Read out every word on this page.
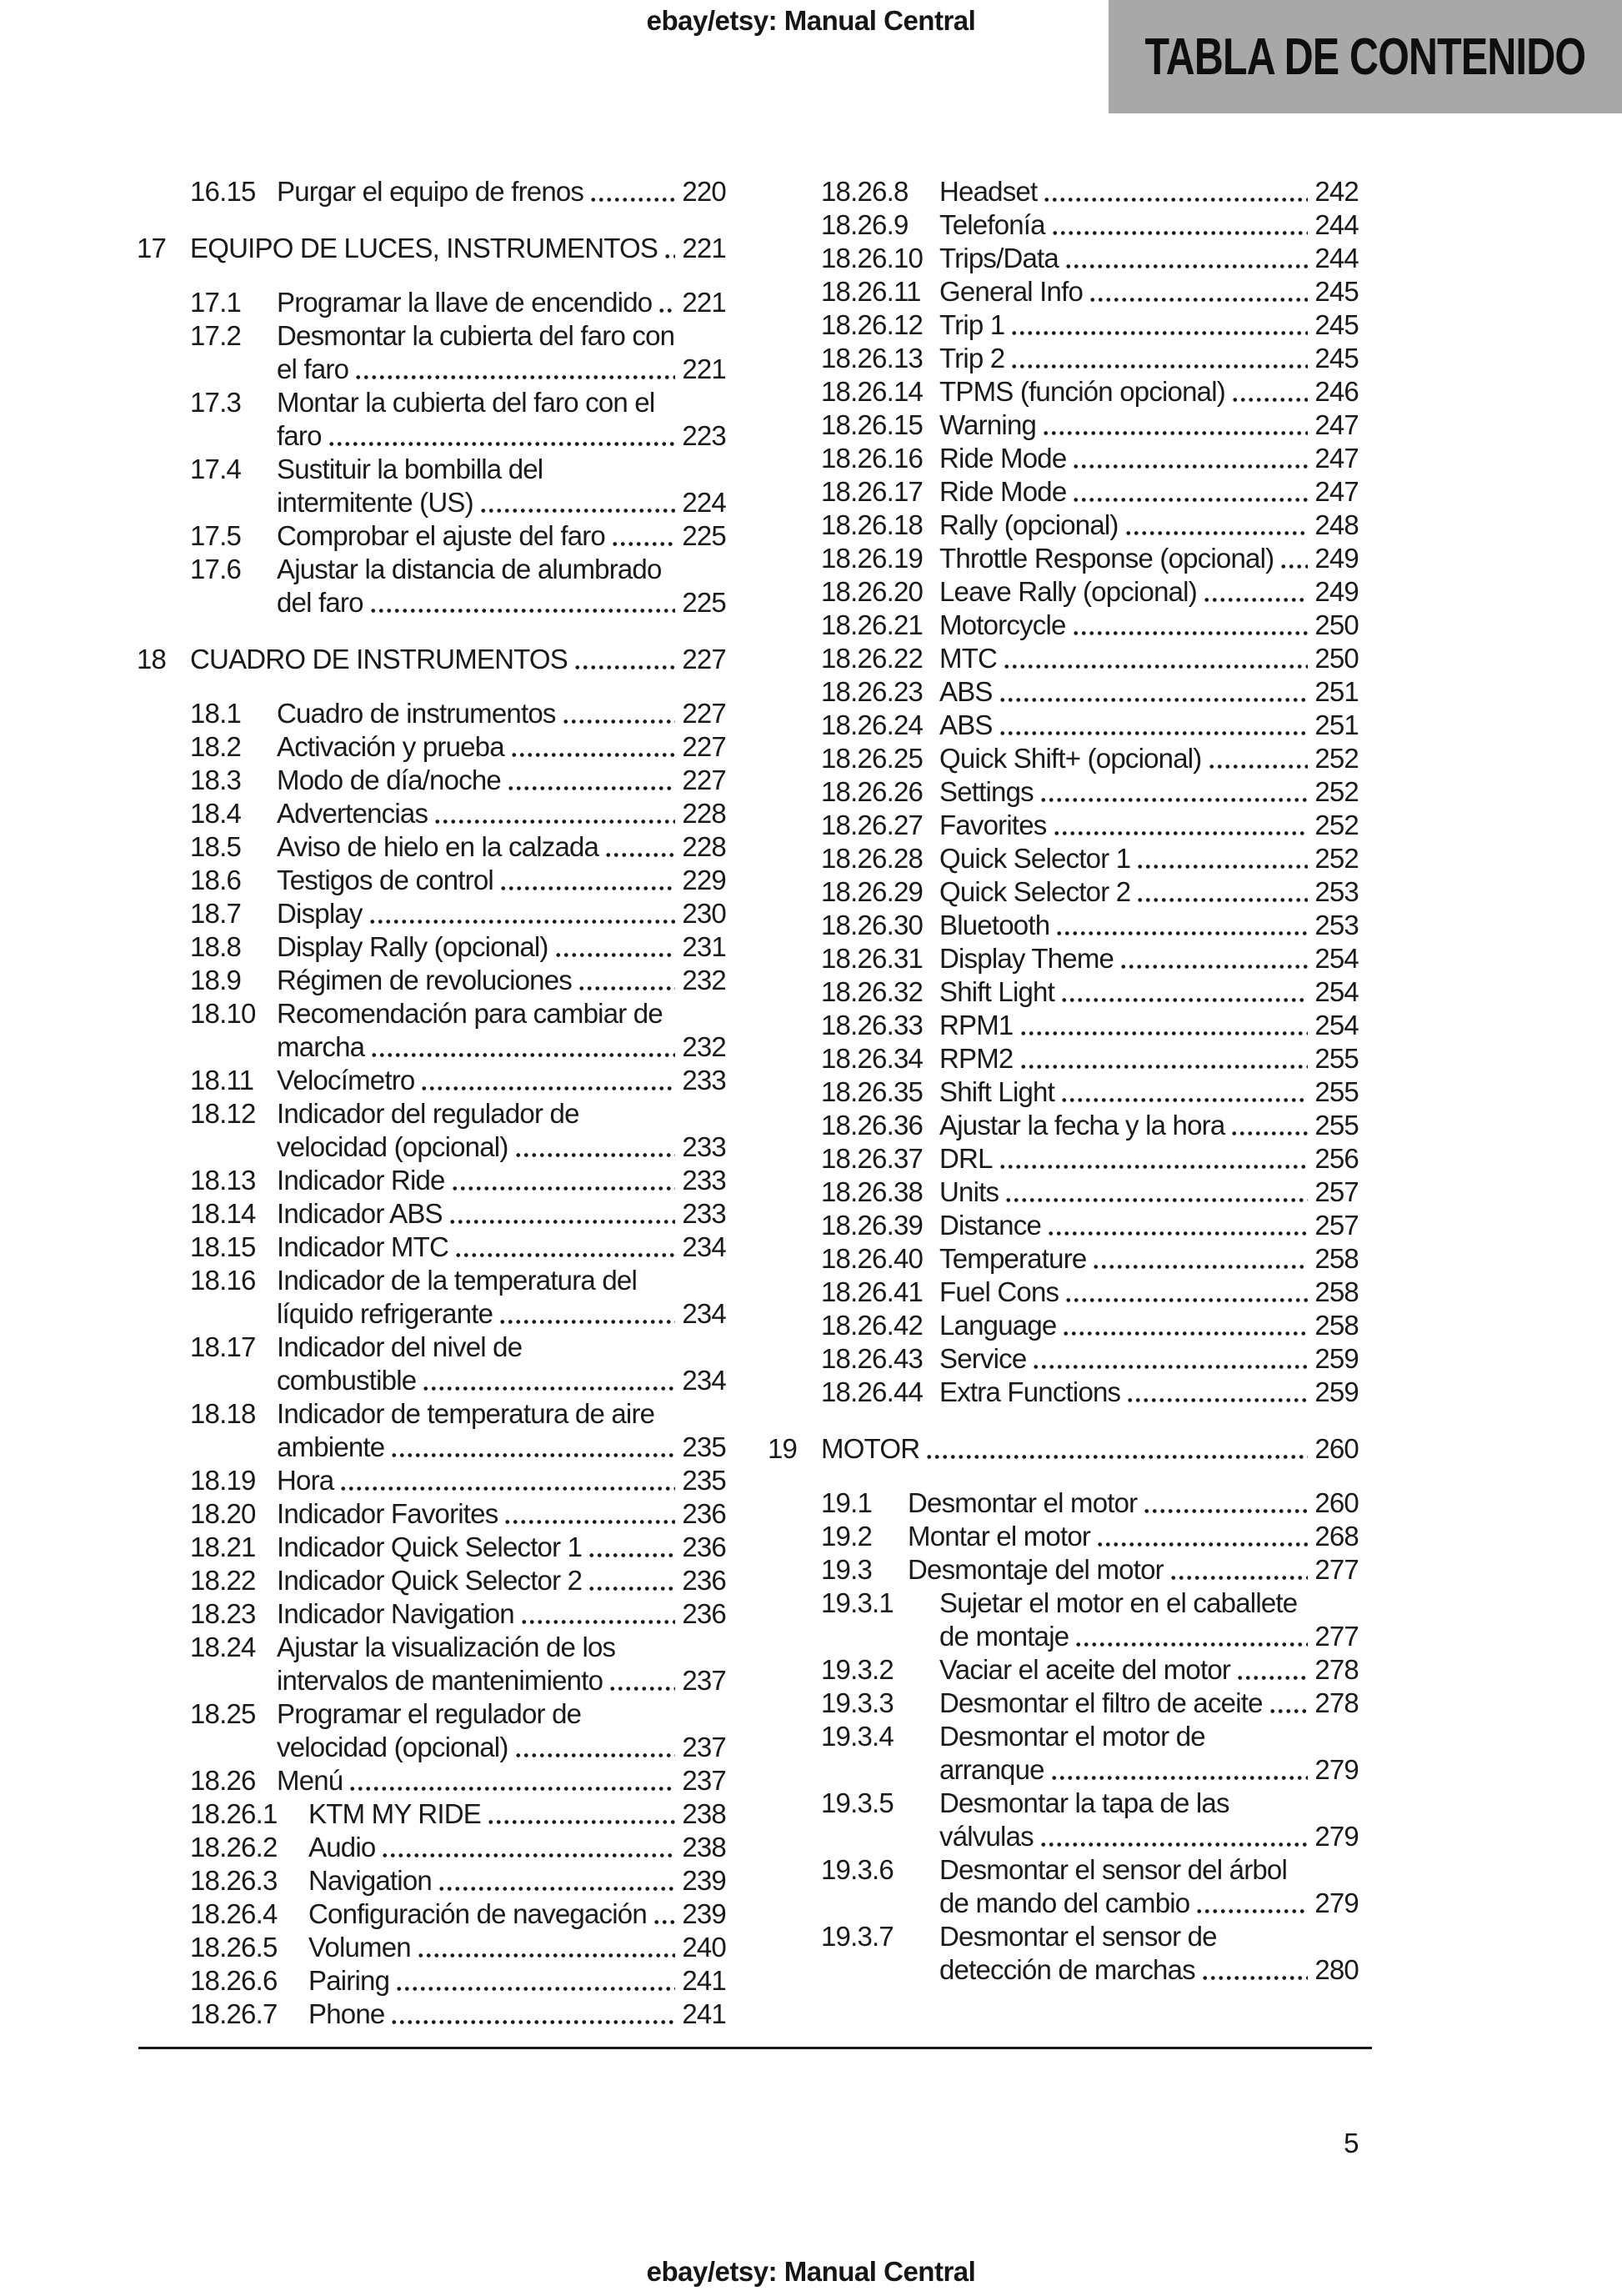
ebay/etsy: Manual Central
TABLA DE CONTENIDO
16.15 Purgar el equipo de frenos	220
17 EQUIPO DE LUCES, INSTRUMENTOS 221
17.1	Programar la llave de encendido 221
17.2	Desmontar la cubierta del faro con
el faro	221
17.3	Montar la cubierta del faro con el
faro	223
17.4	Sustituir la bombilla del
intermitente (US)	224
17.5	Comprobar el ajuste del faro	225
17.6	Ajustar la distancia de alumbrado
del faro	225
18 CUADRO DE INSTRUMENTOS	227
18.1	Cuadro de instrumentos	227
18.2	Activación y prueba	227
18.3	Modo de día/noche	227
18.4	Advertencias	228
18.5	Aviso de hielo en la calzada	228
18.6	Testigos de control	229
18.7	Display	230
18.8	Display Rally (opcional)	231
18.9	Régimen de revoluciones	232
18.10 Recomendación para cambiar de
marcha	232
18.11 Velocímetro	233
18.12 Indicador del regulador de
velocidad (opcional)	233
18.13 Indicador Ride	233
18.14 Indicador ABS	233
18.15 Indicador MTC	234
18.16 Indicador de la temperatura del
líquido refrigerante	234
18.17 Indicador del nivel de
combustible	234
18.18 Indicador de temperatura de aire
ambiente	235
18.19 Hora	235
18.20 Indicador Favorites	236
18.21 Indicador Quick Selector 1	236
18.22 Indicador Quick Selector 2	236
18.23 Indicador Navigation	236
18.24 Ajustar la visualización de los
intervalos de mantenimiento	237
18.25 Programar el regulador de
velocidad (opcional)	237
18.26 Menú	237
18.26.1	KTM MY RIDE	238
18.26.2	Audio	238
18.26.3	Navigation	239
18.26.4	Configuración de navegación 239
18.26.5	Volumen	240
18.26.6	Pairing	241
18.26.7	Phone	241
18.26.8	Headset	242
18.26.9	Telefonía	244
18.26.10 Trips/Data	244
18.26.11 General Info	245
18.26.12 Trip 1	245
18.26.13 Trip 2	245
18.26.14 TPMS (función opcional)	246
18.26.15 Warning	247
18.26.16 Ride Mode	247
18.26.17 Ride Mode	247
18.26.18 Rally (opcional)	248
18.26.19 Throttle Response (opcional) 249
18.26.20 Leave Rally (opcional)	249
18.26.21 Motorcycle	250
18.26.22 MTC	250
18.26.23 ABS	251
18.26.24 ABS	251
18.26.25 Quick Shift+ (opcional)	252
18.26.26 Settings	252
18.26.27 Favorites	252
18.26.28 Quick Selector 1	252
18.26.29 Quick Selector 2	253
18.26.30 Bluetooth	253
18.26.31 Display Theme	254
18.26.32 Shift Light	254
18.26.33 RPM1	254
18.26.34 RPM2	255
18.26.35 Shift Light	255
18.26.36 Ajustar la fecha y la hora	255
18.26.37 DRL	256
18.26.38 Units	257
18.26.39 Distance	257
18.26.40 Temperature	258
18.26.41 Fuel Cons	258
18.26.42 Language	258
18.26.43 Service	259
18.26.44 Extra Functions	259
19 MOTOR	260
19.1	Desmontar el motor	260
19.2	Montar el motor	268
19.3	Desmontaje del motor	277
19.3.1	Sujetar el motor en el caballete
de montaje	277
19.3.2	Vaciar el aceite del motor	278
19.3.3	Desmontar el filtro de aceite 278
19.3.4	Desmontar el motor de
arranque	279
19.3.5	Desmontar la tapa de las
válvulas	279
19.3.6	Desmontar el sensor del árbol
de mando del cambio	279
19.3.7	Desmontar el sensor de
detección de marchas	280
5
ebay/etsy: Manual Central
